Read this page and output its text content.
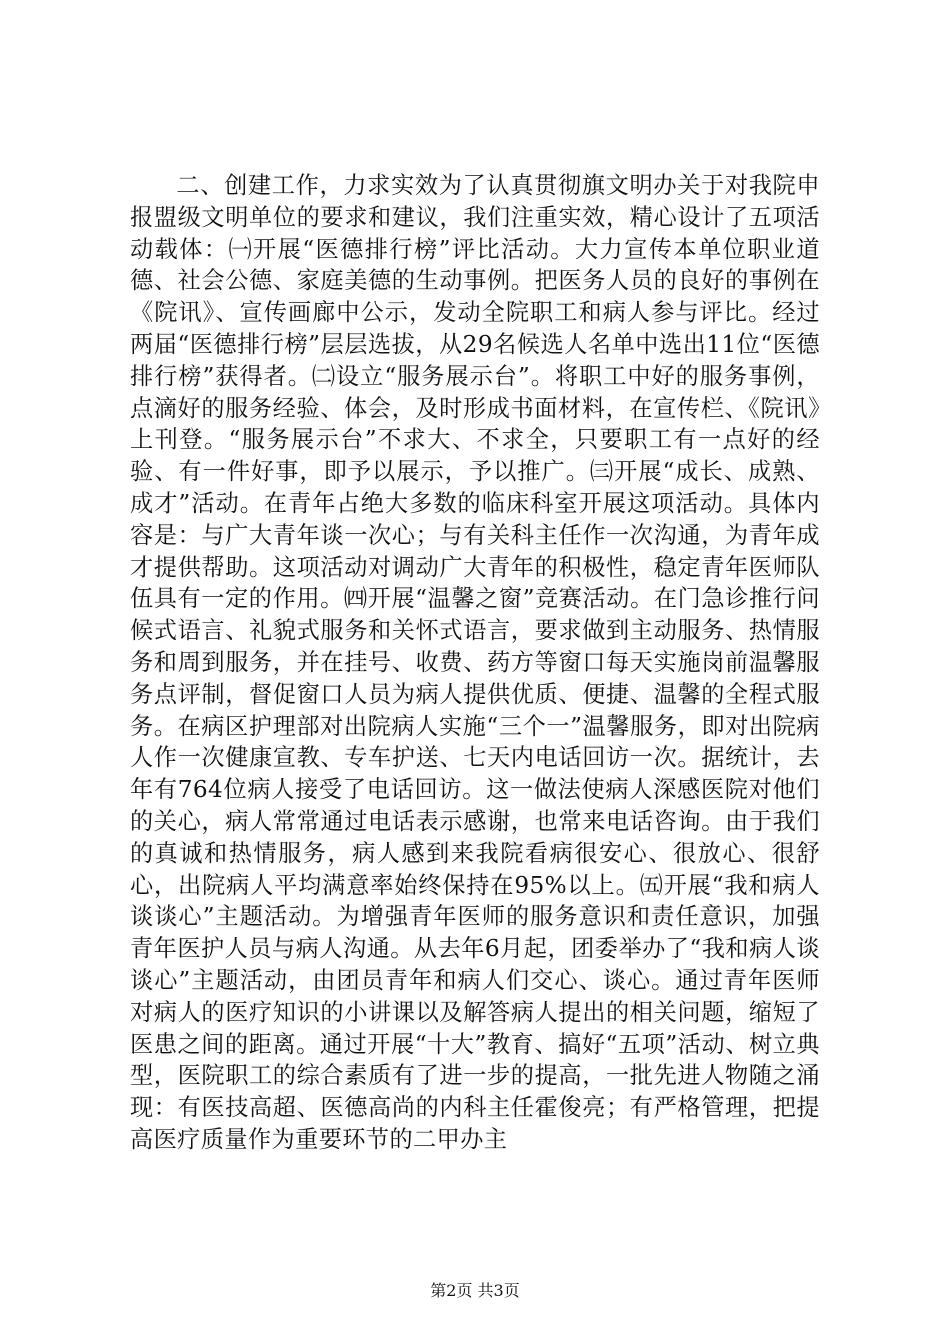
二、创建工作，力求实效为了认真贯彻旗文明办关于对我院申报盟级文明单位的要求和建议，我们注重实效，精心设计了五项活动载体：㈠开展“医德排行榜”评比活动。大力宣传本单位职业道德、社会公德、家庭美德的生动事例。把医务人员的良好的事例在《院讯》、宣传画廊中公示，发动全院职工和病人参与评比。经过两届“医德排行榜”层层选拔，从29名候选人名单中选出11位“医德排行榜”获得者。㈡设立“服务展示台”。将职工中好的服务事例，点滴好的服务经验、体会，及时形成书面材料，在宣传栏、《院讯》上刊登。“服务展示台”不求大、不求全，只要职工有一点好的经验、有一件好事，即予以展示，予以推广。㈢开展“成长、成熟、成才”活动。在青年占绝大多数的临床科室开展这项活动。具体内容是：与广大青年谈一次心；与有关科主任作一次沟通，为青年成才提供帮助。这项活动对调动广大青年的积极性，稳定青年医师队伍具有一定的作用。㈣开展“温馨之窗”竞赛活动。在门急诊推行问候式语言、礼貌式服务和关怀式语言，要求做到主动服务、热情服务和周到服务，并在挂号、收费、药方等窗口每天实施岗前温馨服务点评制，督促窗口人员为病人提供优质、便捷、温馨的全程式服务。在病区护理部对出院病人实施“三个一”温馨服务，即对出院病人作一次健康宣教、专车护送、七天内电话回访一次。据统计，去年有764位病人接受了电话回访。这一做法使病人深感医院对他们的关心，病人常常通过电话表示感谢，也常来电话咨询。由于我们的真诚和热情服务，病人感到来我院看病很安心、很放心、很舒心，出院病人平均满意率始终保持在95%以上。㈤开展“我和病人谈谈心”主题活动。为增强青年医师的服务意识和责任意识，加强青年医护人员与病人沟通。从去年6月起，团委举办了“我和病人谈谈心”主题活动，由团员青年和病人们交心、谈心。通过青年医师对病人的医疗知识的小讲课以及解答病人提出的相关问题，缩短了医患之间的距离。通过开展“十大”教育、搞好“五项”活动、树立典型，医院职工的综合素质有了进一步的提高，一批先进人物随之涌现：有医技高超、医德高尚的内科主任霍俊亮；有严格管理，把提高医疗质量作为重要环节的二甲办主

第2页 共3页
